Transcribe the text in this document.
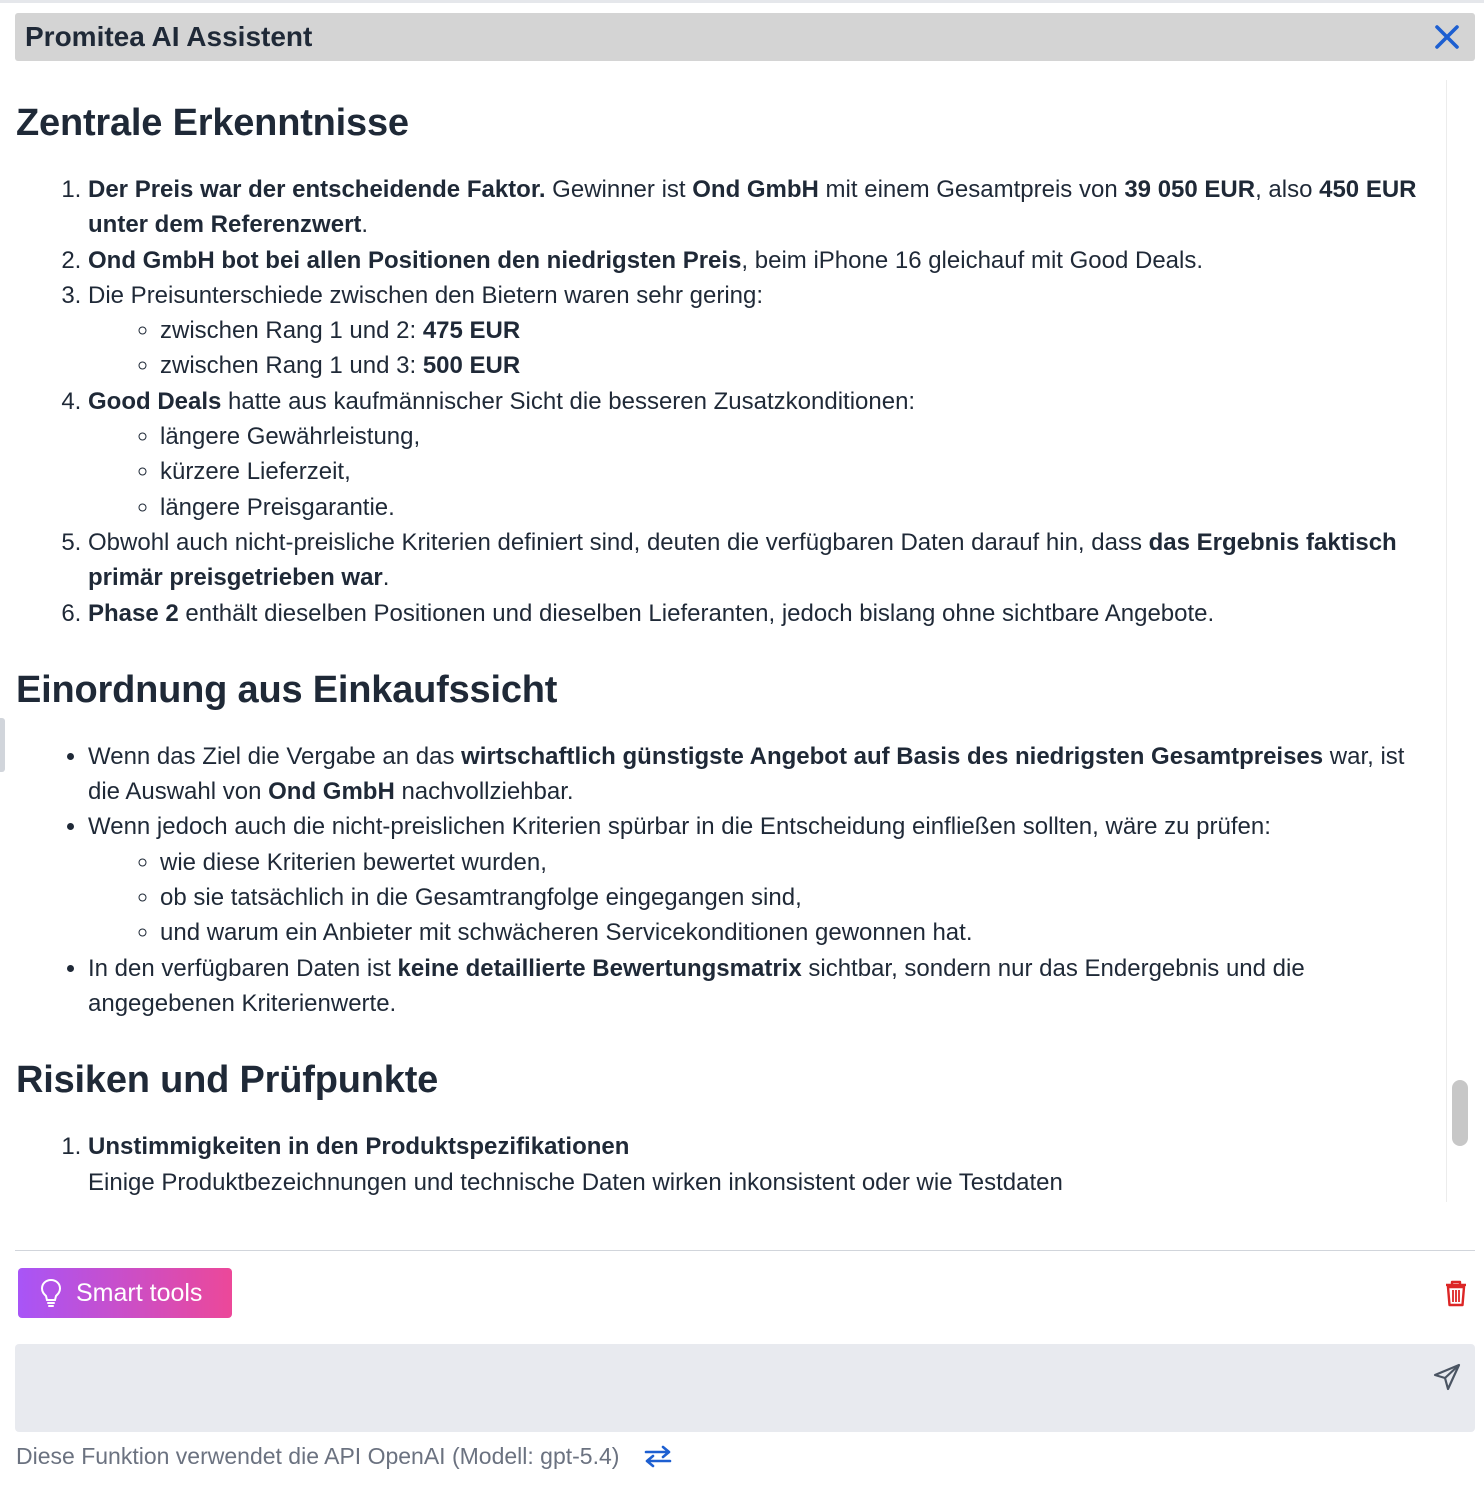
Promitea AI Assistent
Zentrale Erkenntnisse
1. Der Preis war der entscheidende Faktor. Gewinner ist Ond GmbH mit einem Gesamtpreis von 39 050 EUR, also 450 EUR unter dem Referenzwert.
2. Ond GmbH bot bei allen Positionen den niedrigsten Preis, beim iPhone 16 gleichauf mit Good Deals.
3. Die Preisunterschiede zwischen den Bietern waren sehr gering:
◦ zwischen Rang 1 und 2: 475 EUR
◦ zwischen Rang 1 und 3: 500 EUR
4. Good Deals hatte aus kaufmännischer Sicht die besseren Zusatzkonditionen:
◦ längere Gewährleistung,
◦ kürzere Lieferzeit,
◦ längere Preisgarantie.
5. Obwohl auch nicht-preisliche Kriterien definiert sind, deuten die verfügbaren Daten darauf hin, dass das Ergebnis faktisch primär preisgetrieben war.
6. Phase 2 enthält dieselben Positionen und dieselben Lieferanten, jedoch bislang ohne sichtbare Angebote.
Einordnung aus Einkaufssicht
• Wenn das Ziel die Vergabe an das wirtschaftlich günstigste Angebot auf Basis des niedrigsten Gesamtpreises war, ist die Auswahl von Ond GmbH nachvollziehbar.
• Wenn jedoch auch die nicht-preislichen Kriterien spürbar in die Entscheidung einfließen sollten, wäre zu prüfen:
◦ wie diese Kriterien bewertet wurden,
◦ ob sie tatsächlich in die Gesamtrangfolge eingegangen sind,
◦ und warum ein Anbieter mit schwächeren Servicekonditionen gewonnen hat.
• In den verfügbaren Daten ist keine detaillierte Bewertungsmatrix sichtbar, sondern nur das Endergebnis und die angegebenen Kriterienwerte.
Risiken und Prüfpunkte
1. Unstimmigkeiten in den Produktspezifikationen
Einige Produktbezeichnungen und technische Daten wirken inkonsistent oder wie Testdaten
Smart tools
Diese Funktion verwendet die API OpenAI (Modell: gpt-5.4)
